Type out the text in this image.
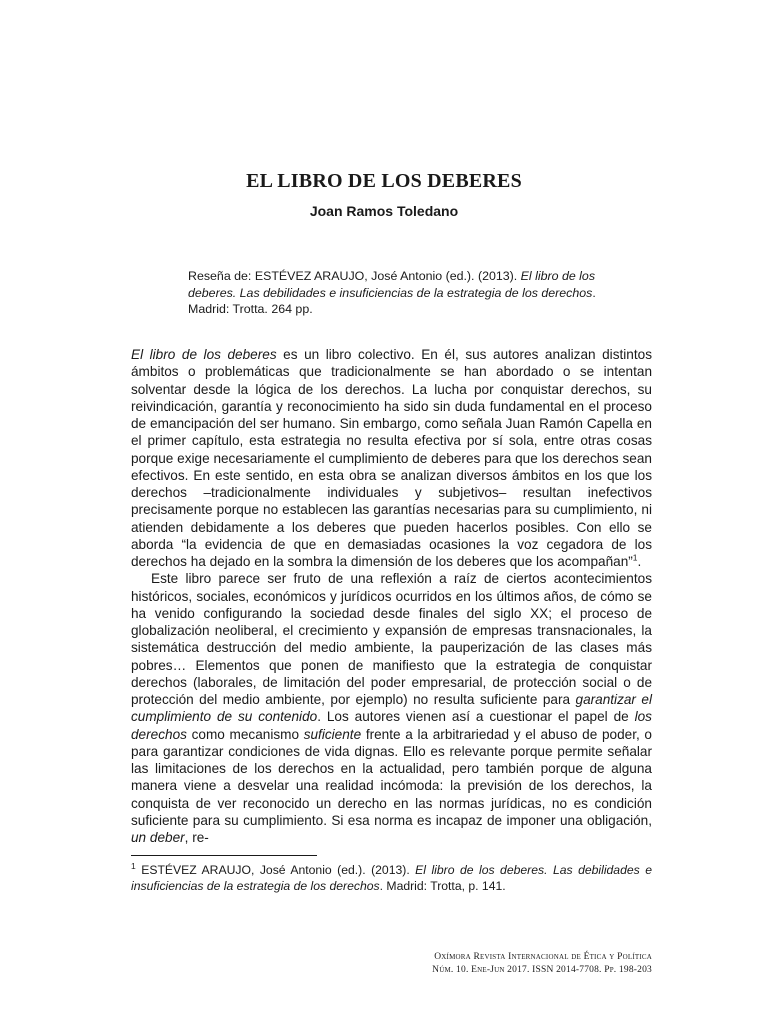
EL LIBRO DE LOS DEBERES
Joan Ramos Toledano
Reseña de: ESTÉVEZ ARAUJO, José Antonio (ed.). (2013). El libro de los deberes. Las debilidades e insuficiencias de la estrategia de los derechos. Madrid: Trotta. 264 pp.

El libro de los deberes es un libro colectivo. En él, sus autores analizan distintos ámbitos o problemáticas que tradicionalmente se han abordado o se intentan solventar desde la lógica de los derechos. La lucha por conquistar derechos, su reivindicación, garantía y reconocimiento ha sido sin duda fundamental en el proceso de emancipación del ser humano. Sin embargo, como señala Juan Ramón Capella en el primer capítulo, esta estrategia no resulta efectiva por sí sola, entre otras cosas porque exige necesariamente el cumplimiento de deberes para que los derechos sean efectivos. En este sentido, en esta obra se analizan diversos ámbitos en los que los derechos –tradicionalmente individuales y subjetivos– resultan inefectivos precisamente porque no establecen las garantías necesarias para su cumplimiento, ni atienden debidamente a los deberes que pueden hacerlos posibles. Con ello se aborda “la evidencia de que en demasiadas ocasiones la voz cegadora de los derechos ha dejado en la sombra la dimensión de los deberes que los acompañan”$^1$.

Este libro parece ser fruto de una reflexión a raíz de ciertos acontecimientos históricos, sociales, económicos y jurídicos ocurridos en los últimos años, de cómo se ha venido configurando la sociedad desde finales del siglo XX; el proceso de globalización neoliberal, el crecimiento y expansión de empresas transnacionales, la sistemática destrucción del medio ambiente, la pauperización de las clases más pobres… Elementos que ponen de manifiesto que la estrategia de conquistar derechos (laborales, de limitación del poder empresarial, de protección social o de protección del medio ambiente, por ejemplo) no resulta suficiente para garantizar el cumplimiento de su contenido. Los autores vienen así a cuestionar el papel de los derechos como mecanismo suficiente frente a la arbitrariedad y el abuso de poder, o para garantizar condiciones de vida dignas. Ello es relevante porque permite señalar las limitaciones de los derechos en la actualidad, pero también porque de alguna manera viene a desvelar una realidad incómoda: la previsión de los derechos, la conquista de ver reconocido un derecho en las normas jurídicas, no es condición suficiente para su cumplimiento. Si esa norma es incapaz de imponer una obligación, un deber, re-

$^1$ ESTÉVEZ ARAUJO, José Antonio (ed.). (2013). El libro de los deberes. Las debilidades e insuficiencias de la estrategia de los derechos. Madrid: Trotta, p. 141.
Oxímora Revista Internacional de Ética y Política
Núm. 10. Ene-Jun 2017. ISSN 2014-7708. Pp. 198-203
